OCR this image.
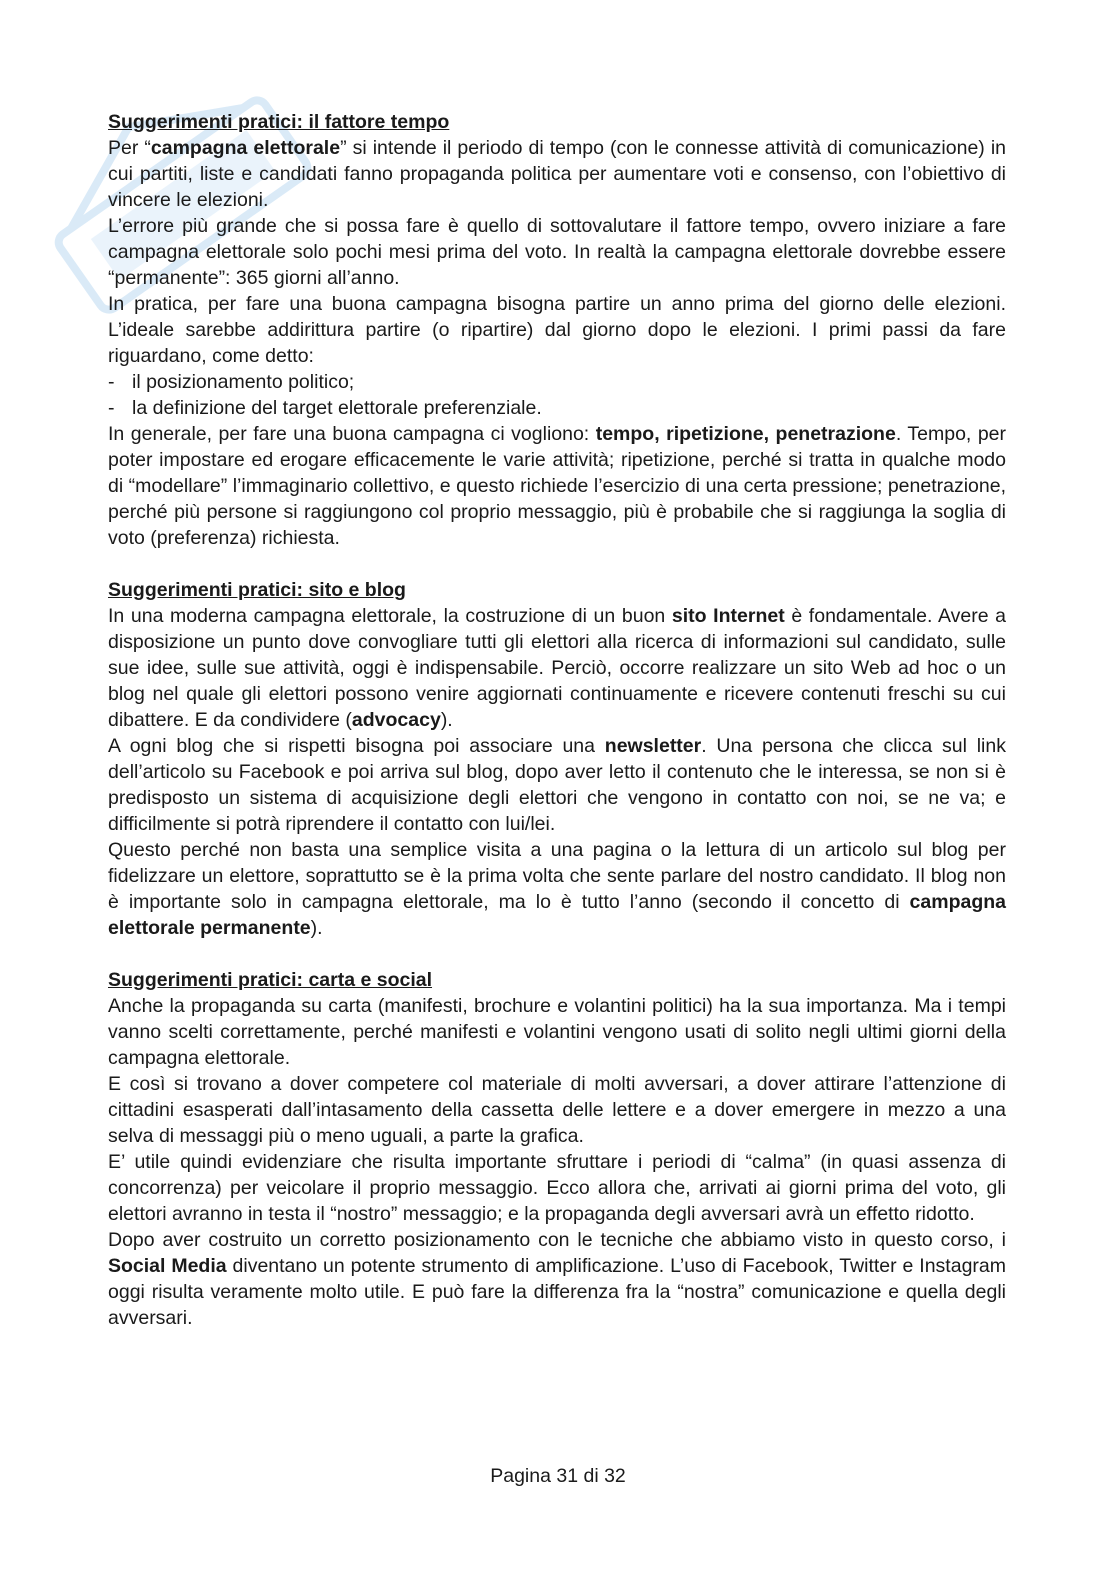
Suggerimenti pratici: il fattore tempo

Per “campagna elettorale” si intende il periodo di tempo (con le connesse attività di comunicazione) in cui partiti, liste e candidati fanno propaganda politica per aumentare voti e consenso, con l’obiettivo di vincere le elezioni.

L’errore più grande che si possa fare è quello di sottovalutare il fattore tempo, ovvero iniziare a fare campagna elettorale solo pochi mesi prima del voto. In realtà la campagna elettorale dovrebbe essere “permanente”: 365 giorni all’anno.

In pratica, per fare una buona campagna bisogna partire un anno prima del giorno delle elezioni. L’ideale sarebbe addirittura partire (o ripartire) dal giorno dopo le elezioni. I primi passi da fare riguardano, come detto:

- il posizionamento politico;
- la definizione del target elettorale preferenziale.

In generale, per fare una buona campagna ci vogliono: tempo, ripetizione, penetrazione. Tempo, per poter impostare ed erogare efficacemente le varie attività; ripetizione, perché si tratta in qualche modo di “modellare” l’immaginario collettivo, e questo richiede l’esercizio di una certa pressione; penetrazione, perché più persone si raggiungono col proprio messaggio, più è probabile che si raggiunga la soglia di voto (preferenza) richiesta.

Suggerimenti pratici: sito e blog

In una moderna campagna elettorale, la costruzione di un buon sito Internet è fondamentale. Avere a disposizione un punto dove convogliare tutti gli elettori alla ricerca di informazioni sul candidato, sulle sue idee, sulle sue attività, oggi è indispensabile. Perciò, occorre realizzare un sito Web ad hoc o un blog nel quale gli elettori possono venire aggiornati continuamente e ricevere contenuti freschi su cui dibattere. E da condividere (advocacy).

A ogni blog che si rispetti bisogna poi associare una newsletter. Una persona che clicca sul link dell’articolo su Facebook e poi arriva sul blog, dopo aver letto il contenuto che le interessa, se non si è predisposto un sistema di acquisizione degli elettori che vengono in contatto con noi, se ne va; e difficilmente si potrà riprendere il contatto con lui/lei.

Questo perché non basta una semplice visita a una pagina o la lettura di un articolo sul blog per fidelizzare un elettore, soprattutto se è la prima volta che sente parlare del nostro candidato. Il blog non è importante solo in campagna elettorale, ma lo è tutto l’anno (secondo il concetto di campagna elettorale permanente).

Suggerimenti pratici: carta e social

Anche la propaganda su carta (manifesti, brochure e volantini politici) ha la sua importanza. Ma i tempi vanno scelti correttamente, perché manifesti e volantini vengono usati di solito negli ultimi giorni della campagna elettorale.

E così si trovano a dover competere col materiale di molti avversari, a dover attirare l’attenzione di cittadini esasperati dall’intasamento della cassetta delle lettere e a dover emergere in mezzo a una selva di messaggi più o meno uguali, a parte la grafica.

E’ utile quindi evidenziare che risulta importante sfruttare i periodi di “calma” (in quasi assenza di concorrenza) per veicolare il proprio messaggio. Ecco allora che, arrivati ai giorni prima del voto, gli elettori avranno in testa il “nostro” messaggio; e la propaganda degli avversari avrà un effetto ridotto.

Dopo aver costruito un corretto posizionamento con le tecniche che abbiamo visto in questo corso, i Social Media diventano un potente strumento di amplificazione. L’uso di Facebook, Twitter e Instagram oggi risulta veramente molto utile. E può fare la differenza fra la “nostra” comunicazione e quella degli avversari.

Pagina 31 di 32
